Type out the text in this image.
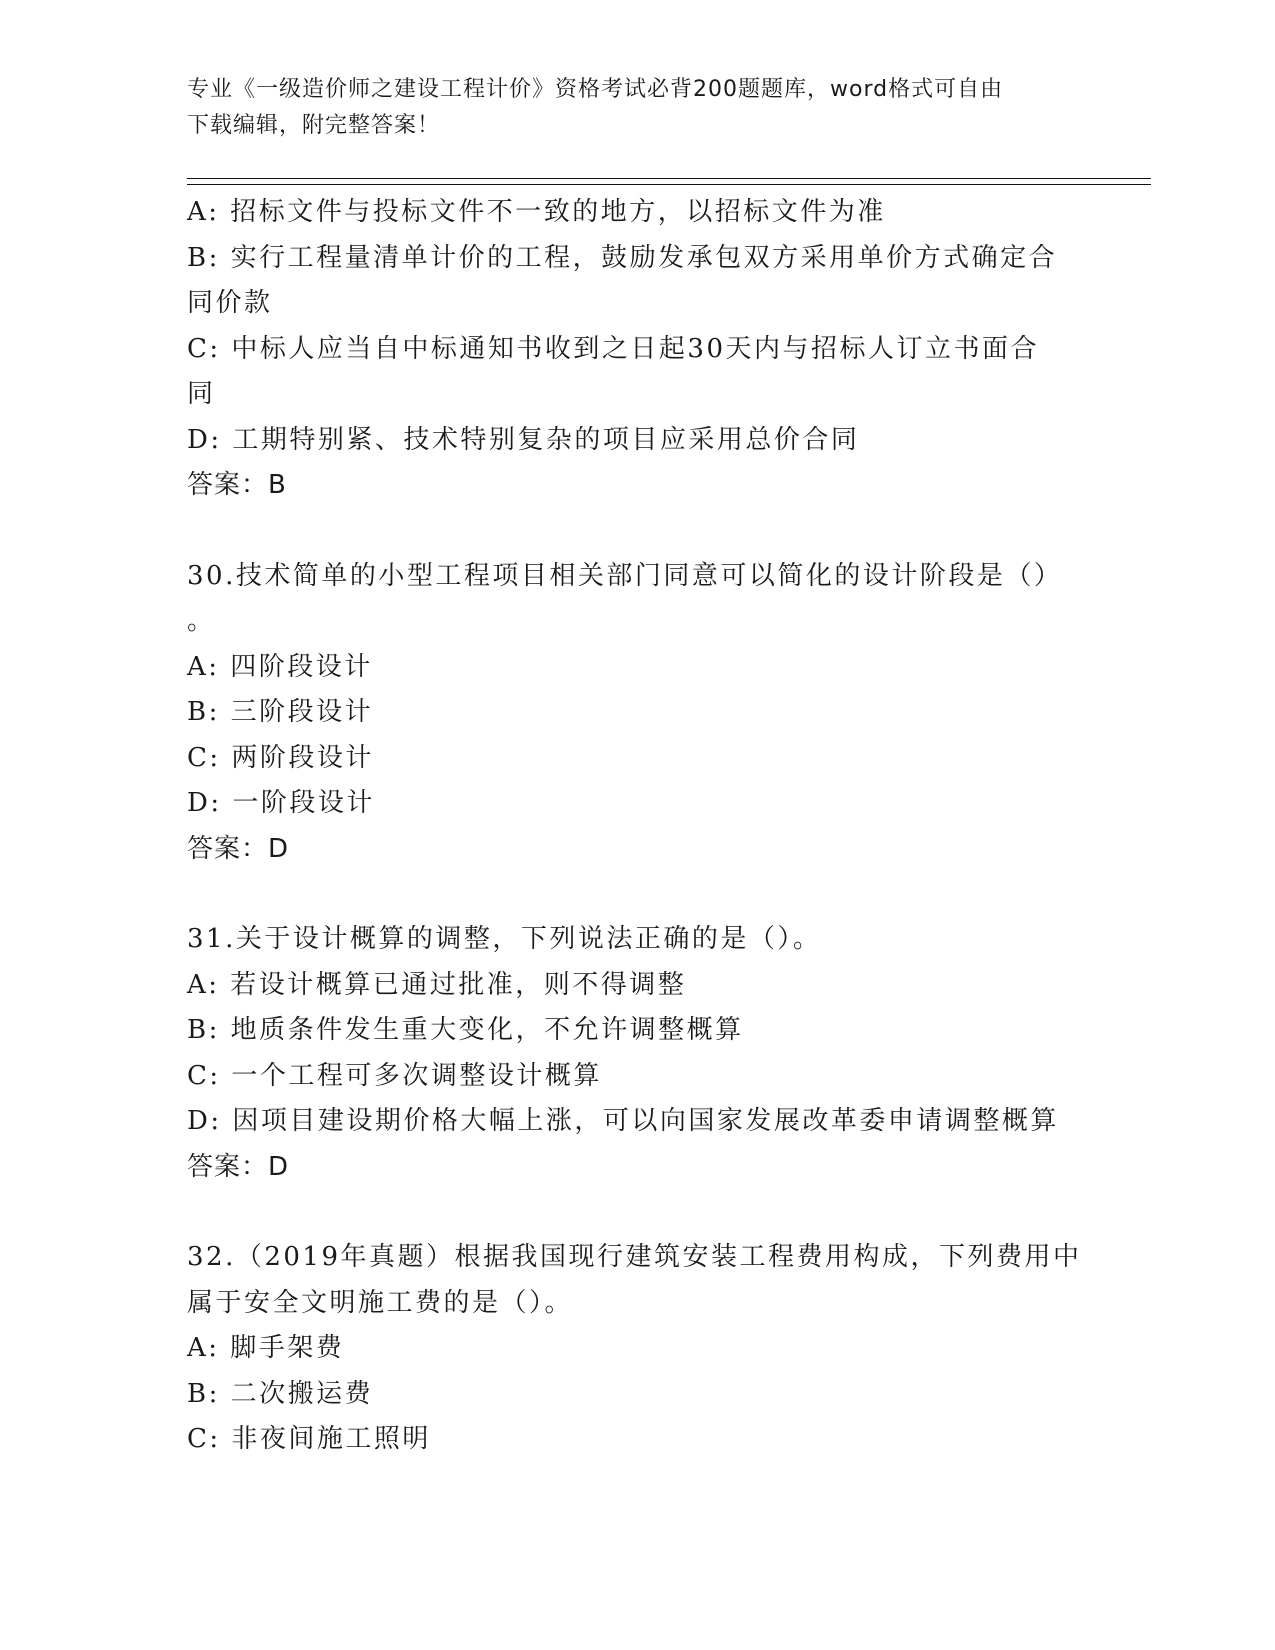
专业《一级造价师之建设工程计价》资格考试必背200题题库，word格式可自由
下载编辑，附完整答案！

A: 招标文件与投标文件不一致的地方，以招标文件为准

B: 实行工程量清单计价的工程，鼓励发承包双方采用单价方式确定合

同价款

C: 中标人应当自中标通知书收到之日起30天内与招标人订立书面合

同

D: 工期特别紧、技术特别复杂的项目应采用总价合同

答案：B

30.技术简单的小型工程项目相关部门同意可以简化的设计阶段是（）

。

A: 四阶段设计

B: 三阶段设计

C: 两阶段设计

D: 一阶段设计

答案：D

31.关于设计概算的调整，下列说法正确的是（）。

A: 若设计概算已通过批准，则不得调整

B: 地质条件发生重大变化，不允许调整概算

C: 一个工程可多次调整设计概算

D: 因项目建设期价格大幅上涨，可以向国家发展改革委申请调整概算

答案：D

32.（2019年真题）根据我国现行建筑安装工程费用构成，下列费用中

属于安全文明施工费的是（）。

A: 脚手架费

B: 二次搬运费

C: 非夜间施工照明
